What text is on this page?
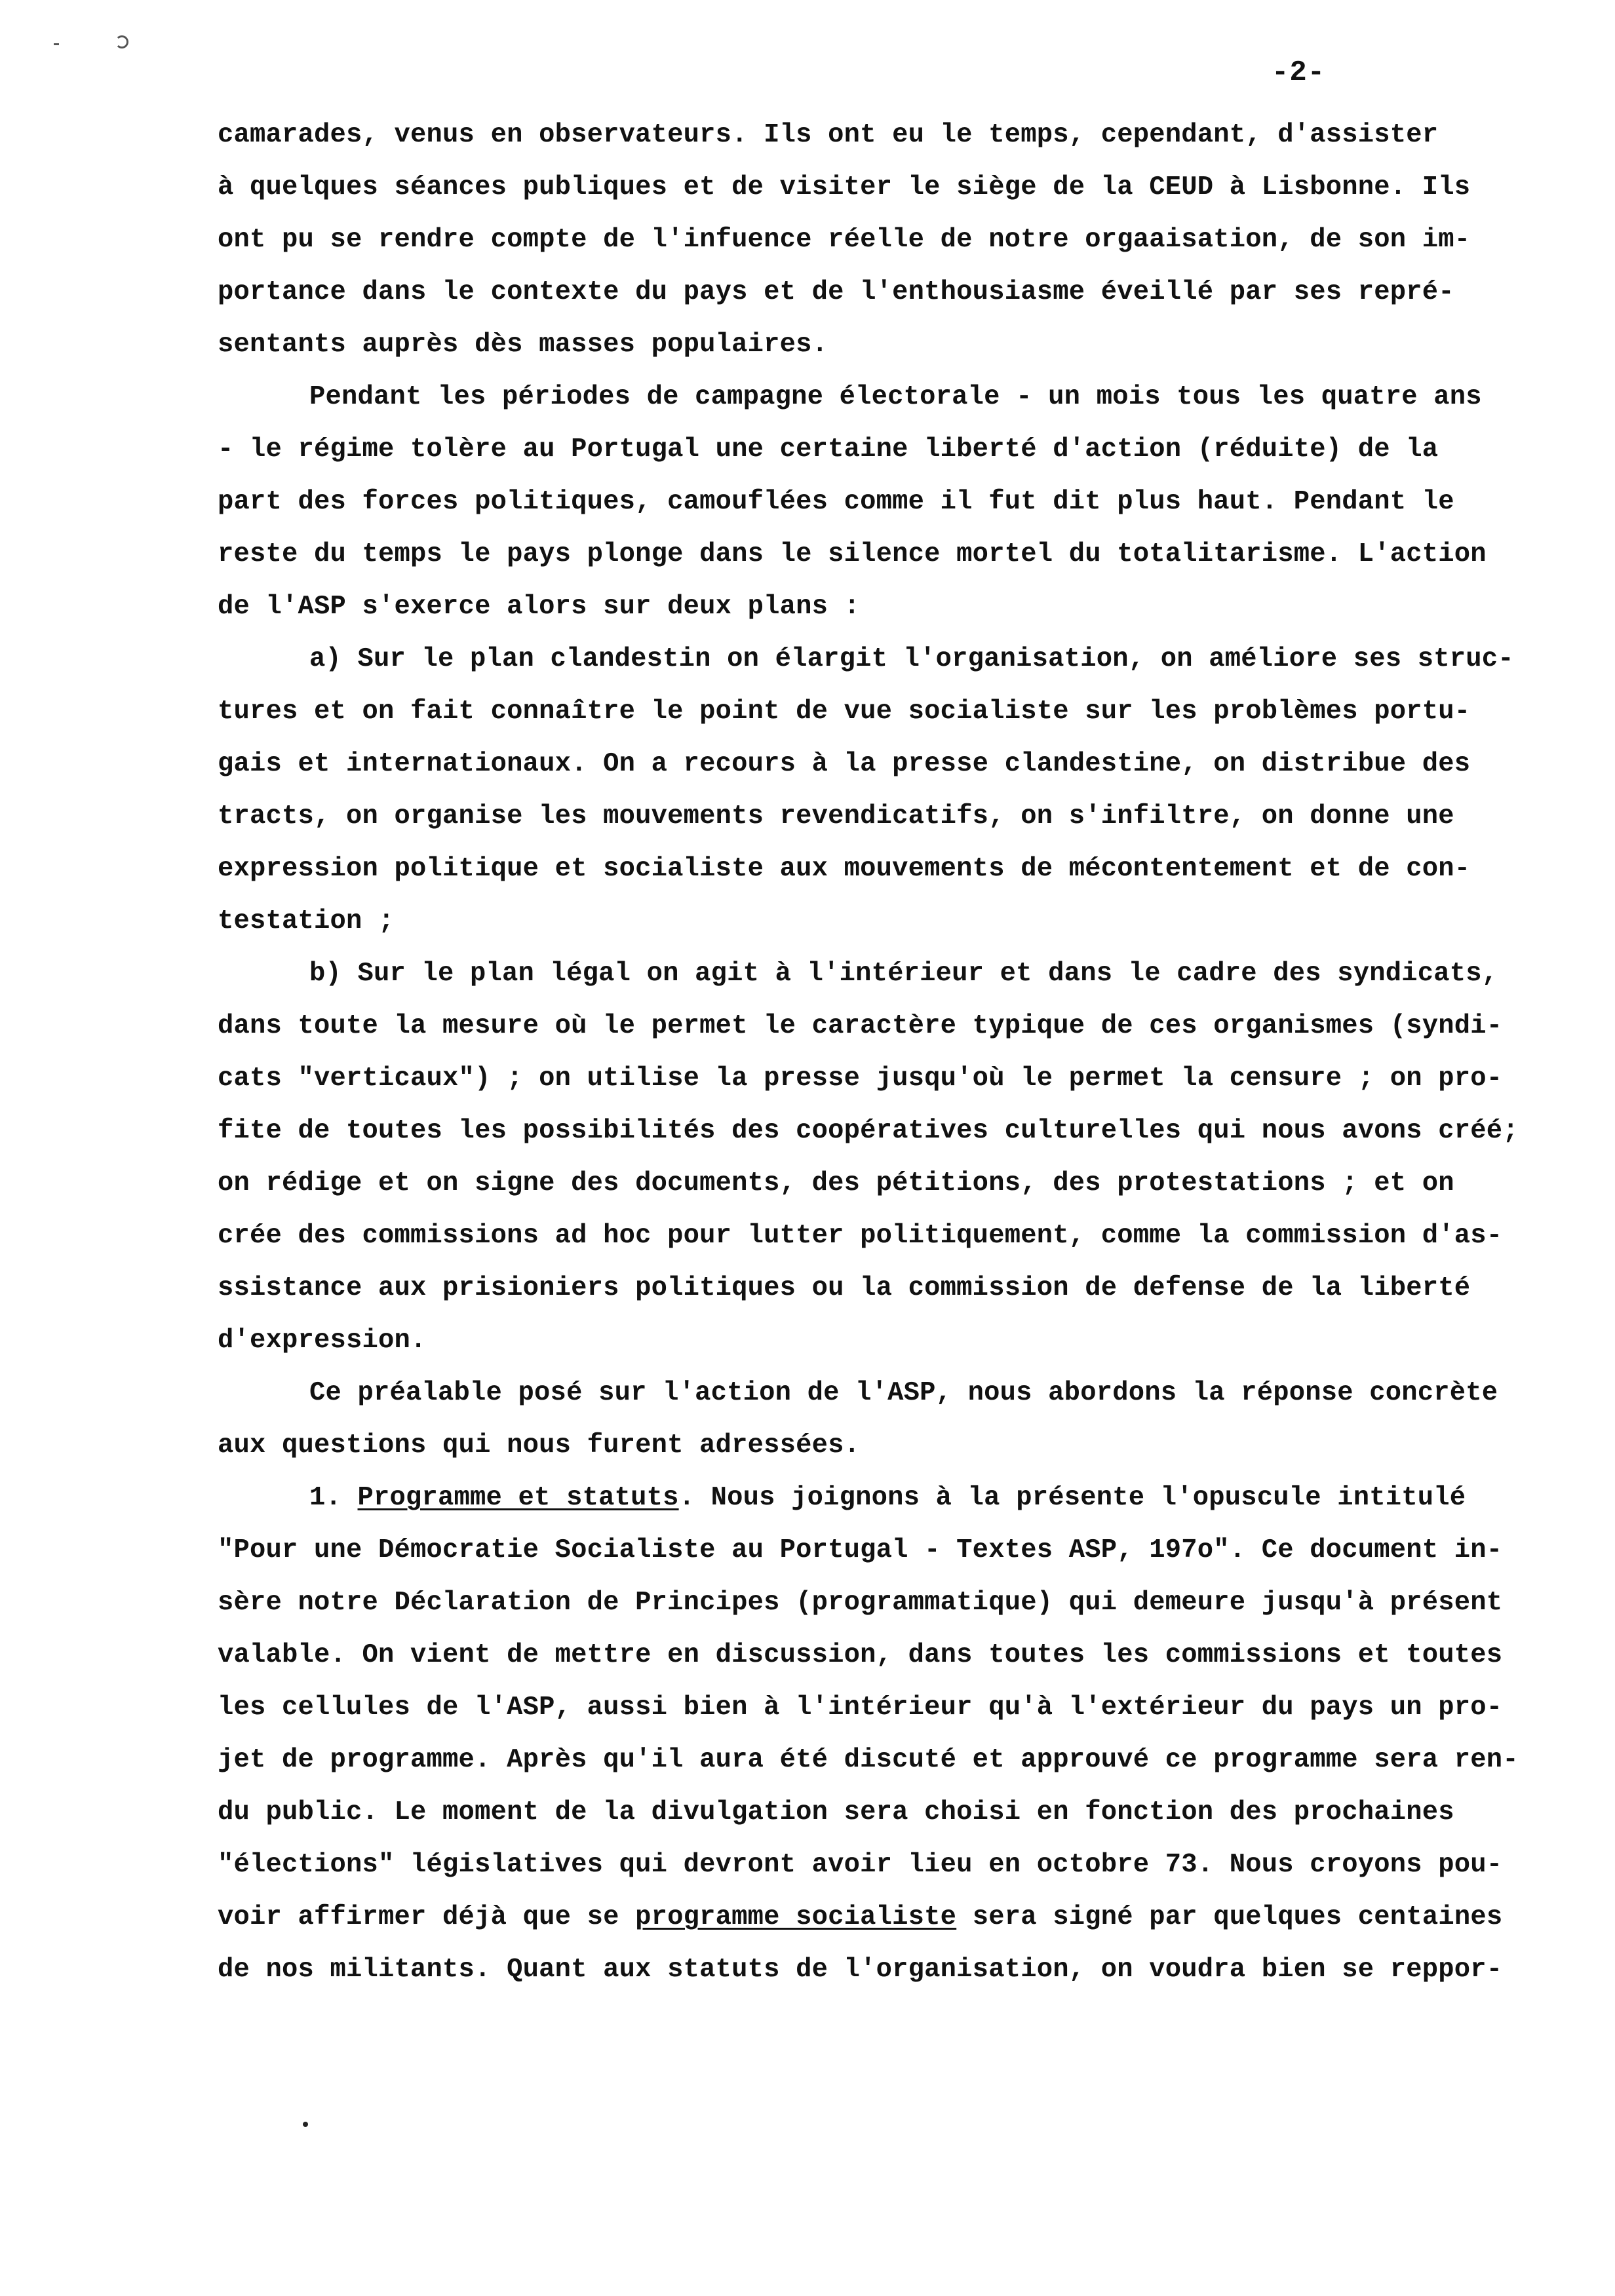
-2-
camarades, venus en observateurs. Ils ont eu le temps, cependant, d'assister
à quelques séances publiques et de visiter le siège de la CEUD à Lisbonne. Ils
ont pu se rendre compte de l'infuence réelle de notre orgaaisation, de son im-
portance dans le contexte du pays et de l'enthousiasme éveillé par ses repré-
sentants auprès dès masses populaires.
Pendant les périodes de campagne électorale - un mois tous les quatre ans
- le régime tolère au Portugal une certaine liberté d'action (réduite) de la
part des forces politiques, camouflées comme il fut dit plus haut. Pendant le
reste du temps le pays plonge dans le silence mortel du totalitarisme. L'action
de l'ASP s'exerce alors sur deux plans :
a) Sur le plan clandestin on élargit l'organisation, on améliore ses struc-
tures et on fait connaître le point de vue socialiste sur les problèmes portu-
gais et internationaux. On a recours à la presse clandestine, on distribue des
tracts, on organise les mouvements revendicatifs, on s'infiltre, on donne une
expression politique et socialiste aux mouvements de mécontentement et de con-
testation ;
b) Sur le plan légal on agit à l'intérieur et dans le cadre des syndicats,
dans toute la mesure où le permet le caractère typique de ces organismes (syndi-
cats "verticaux") ; on utilise la presse jusqu'où le permet la censure ; on pro-
fite de toutes les possibilités des coopératives culturelles qui nous avons créé;
on rédige et on signe des documents, des pétitions, des protestations ; et on
crée des commissions ad hoc pour lutter politiquement, comme la commission d'as-
ssistance aux prisioniers politiques ou la commission de defense de la liberté
d'expression.
Ce préalable posé sur l'action de l'ASP, nous abordons la réponse concrète
aux questions qui nous furent adressées.
1. Programme et statuts. Nous joignons à la présente l'opuscule intitulé
"Pour une Démocratie Socialiste au Portugal - Textes ASP, 197o". Ce document in-
sère notre Déclaration de Principes (programmatique) qui demeure jusqu'à présent
valable. On vient de mettre en discussion, dans toutes les commissions et toutes
les cellules de l'ASP, aussi bien à l'intérieur qu'à l'extérieur du pays un pro-
jet de programme. Après qu'il aura été discuté et approuvé ce programme sera ren-
du public. Le moment de la divulgation sera choisi en fonction des prochaines
"élections" législatives qui devront avoir lieu en octobre 73. Nous croyons pou-
voir affirmer déjà que se programme socialiste sera signé par quelques centaines
de nos militants. Quant aux statuts de l'organisation, on voudra bien se reppor-
